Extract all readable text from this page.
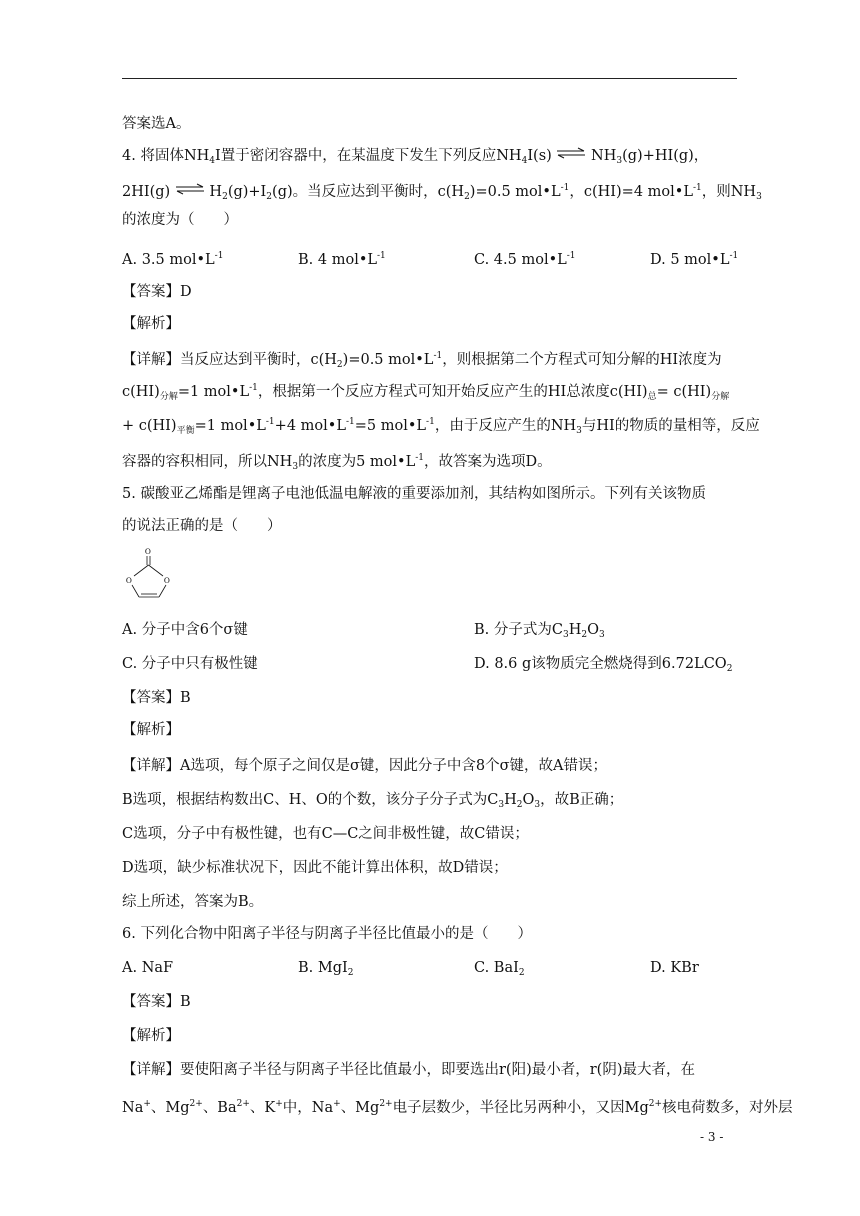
答案选A。
4. 将固体$NH_4I$置于密闭容器中，在某温度下发生下列反应$NH_4I(s)$ ⇌ $NH_3(g)+HI(g)$，
2HI(g) ⇌ $H_2(g)+I_2(g)$。当反应达到平衡时，$c(H_2)=0.5$ $mol•L^{-1}$，c(HI)=4 $mol•L^{-1}$，则$NH_3$
的浓度为（　　）
A. 3.5 $mol•L^{-1}$	B. 4 $mol•L^{-1}$	C. 4.5 $mol•L^{-1}$	D. 5 $mol•L^{-1}$
【答案】D
【解析】
【详解】当反应达到平衡时，$c(H_2)=0.5$ $mol•L^{-1}$，则根据第二个方程式可知分解的HI浓度为
$c(HI)_{分解}=1$ $mol•L^{-1}$，根据第一个反应方程式可知开始反应产生的HI总浓度$c(HI)_总= c(HI)_{分解}$
+ $c(HI)_{平衡}=1$ $mol•L^{-1}+4$ $mol•L^{-1}=5$ $mol•L^{-1}$，由于反应产生的$NH_3$与HI的物质的量相等，反应
容器的容积相同，所以$NH_3$的浓度为5 $mol•L^{-1}$，故答案为选项D。
5. 碳酸亚乙烯酯是锂离子电池低温电解液的重要添加剂，其结构如图所示。下列有关该物质
的说法正确的是（　　）
O
O	O
A. 分子中含6个σ键	B. 分子式为$C_3H_2O_3$
C. 分子中只有极性键	D. 8.6 g该物质完全燃烧得到$6.72LCO_2$
【答案】B
【解析】
【详解】A选项，每个原子之间仅是σ键，因此分子中含8个σ键，故A错误；
B选项，根据结构数出C、H、O的个数，该分子分子式为$C_3H_2O_3$，故B正确；
C选项，分子中有极性键，也有C—C之间非极性键，故C错误；
D选项，缺少标准状况下，因此不能计算出体积，故D错误；
综上所述，答案为B。
6. 下列化合物中阳离子半径与阴离子半径比值最小的是（　　）
A. NaF	B. MgI$_2$	C. BaI$_2$	D. KBr
【答案】B
【解析】
【详解】要使阳离子半径与阴离子半径比值最小，即要选出r(阳)最小者，r(阴)最大者，在
Na+、$Mg^{2+}$、$Ba^{2+}$、K+中，Na+、$Mg^{2+}$电子层数少，半径比另两种小，又因$Mg^{2+}$核电荷数多，对外层
- 3 -
